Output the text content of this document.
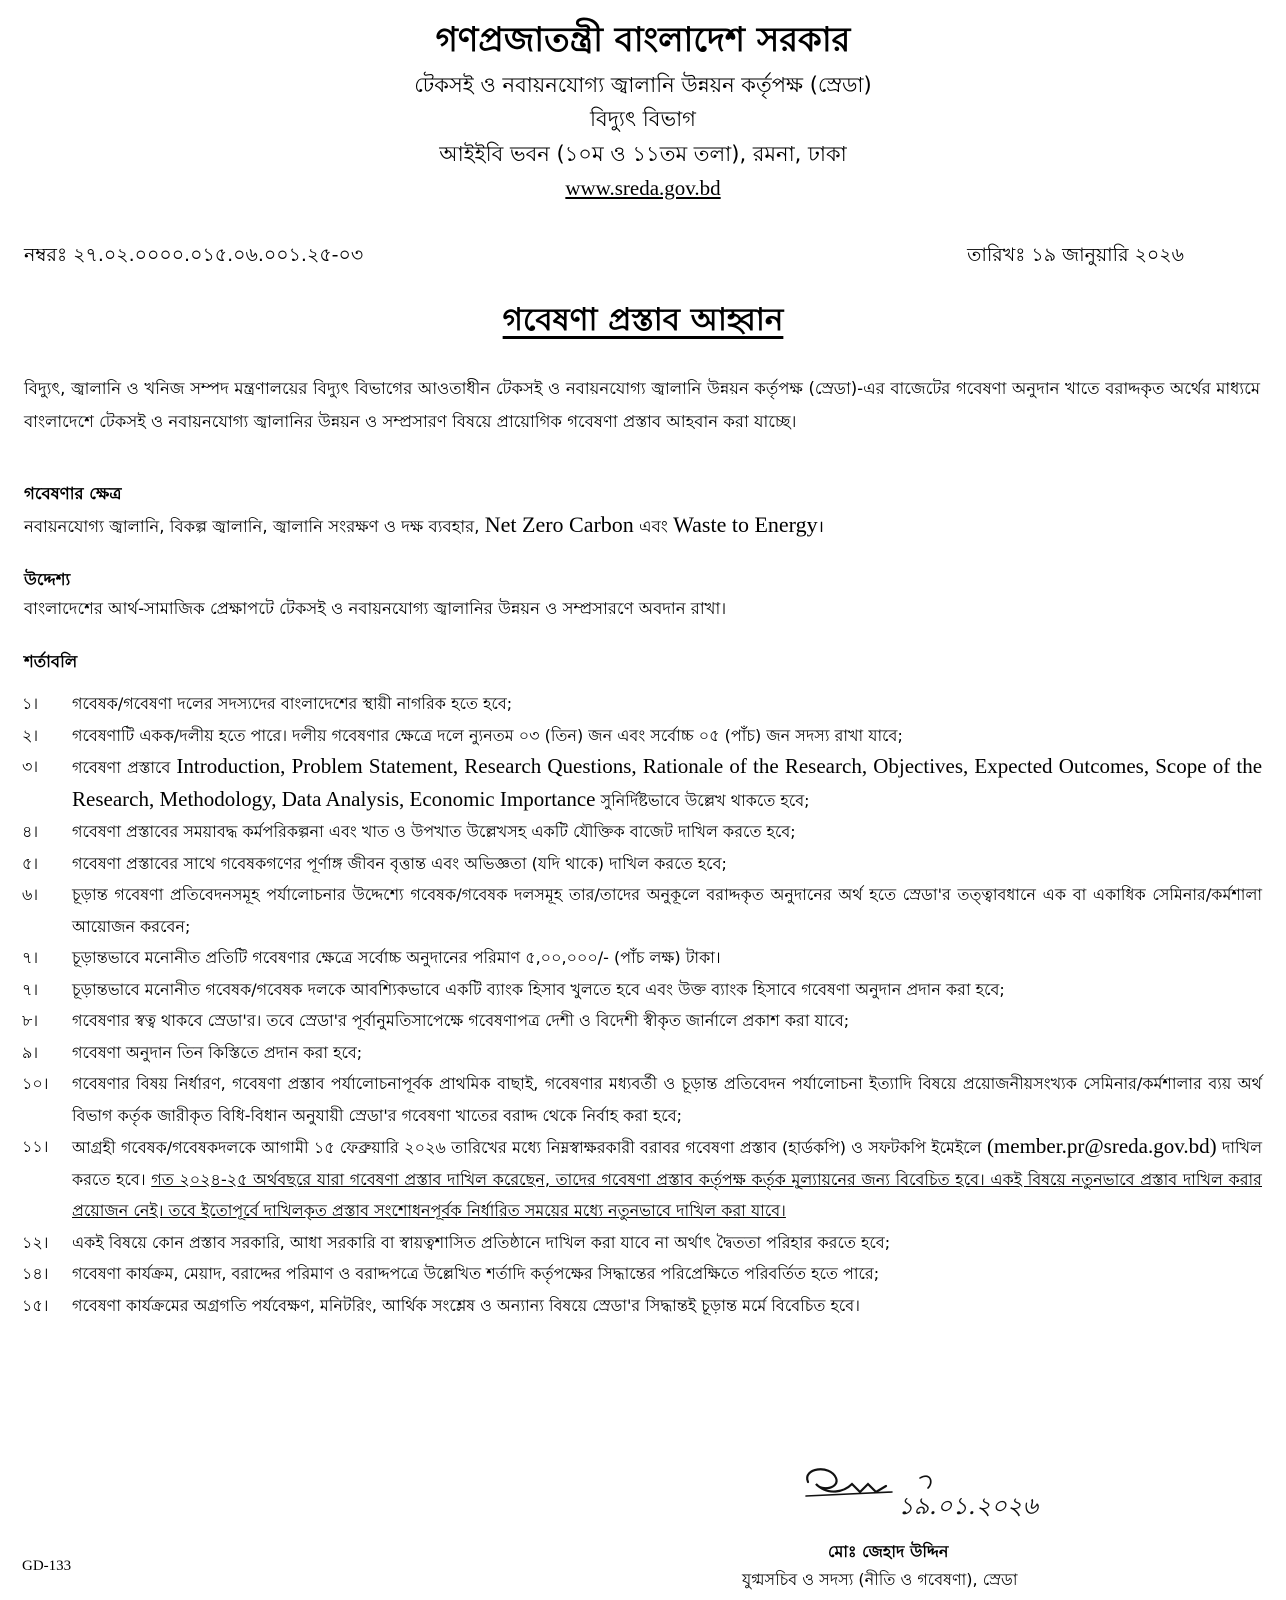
গণপ্রজাতন্ত্রী বাংলাদেশ সরকার
টেকসই ও নবায়নযোগ্য জ্বালানি উন্নয়ন কর্তৃপক্ষ (স্রেডা)
বিদ্যুৎ বিভাগ
আইইবি ভবন (১০ম ও ১১তম তলা), রমনা, ঢাকা
www.sreda.gov.bd
নম্বরঃ ২৭.০২.০০০০.০১৫.০৬.০০১.২৫-০৩	তারিখঃ ১৯ জানুয়ারি ২০২৬
গবেষণা প্রস্তাব আহ্বান
বিদ্যুৎ, জ্বালানি ও খনিজ সম্পদ মন্ত্রণালয়ের বিদ্যুৎ বিভাগের আওতাধীন টেকসই ও নবায়নযোগ্য জ্বালানি উন্নয়ন কর্তৃপক্ষ (স্রেডা)-এর বাজেটের গবেষণা অনুদান খাতে বরাদ্দকৃত অর্থের মাধ্যমে বাংলাদেশে টেকসই ও নবায়নযোগ্য জ্বালানির উন্নয়ন ও সম্প্রসারণ বিষয়ে প্রায়োগিক গবেষণা প্রস্তাব আহবান করা যাচ্ছে।
গবেষণার ক্ষেত্র
নবায়নযোগ্য জ্বালানি, বিকল্প জ্বালানি, জ্বালানি সংরক্ষণ ও দক্ষ ব্যবহার, Net Zero Carbon এবং Waste to Energy।
উদ্দেশ্য
বাংলাদেশের আর্থ-সামাজিক প্রেক্ষাপটে টেকসই ও নবায়নযোগ্য জ্বালানির উন্নয়ন ও সম্প্রসারণে অবদান রাখা।
শর্তাবলি
১।	গবেষক/গবেষণা দলের সদস্যদের বাংলাদেশের স্থায়ী নাগরিক হতে হবে;
২।	গবেষণাটি একক/দলীয় হতে পারে। দলীয় গবেষণার ক্ষেত্রে দলে ন্যুনতম ০৩ (তিন) জন এবং সর্বোচ্চ ০৫ (পাঁচ) জন সদস্য রাখা যাবে;
৩।	গবেষণা প্রস্তাবে Introduction, Problem Statement, Research Questions, Rationale of the Research, Objectives, Expected Outcomes, Scope of the Research, Methodology, Data Analysis, Economic Importance সুনির্দিষ্টভাবে উল্লেখ থাকতে হবে;
৪।	গবেষণা প্রস্তাবের সময়াবদ্ধ কর্মপরিকল্পনা এবং খাত ও উপখাত উল্লেখসহ একটি যৌক্তিক বাজেট দাখিল করতে হবে;
৫।	গবেষণা প্রস্তাবের সাথে গবেষকগণের পূর্ণাঙ্গ জীবন বৃত্তান্ত এবং অভিজ্ঞতা (যদি থাকে) দাখিল করতে হবে;
৬।	চূড়ান্ত গবেষণা প্রতিবেদনসমূহ পর্যালোচনার উদ্দেশ্যে গবেষক/গবেষক দলসমূহ তার/তাদের অনুকূলে বরাদ্দকৃত অনুদানের অর্থ হতে স্রেডা'র তত্ত্বাবধানে এক বা একাধিক সেমিনার/কর্মশালা আয়োজন করবেন;
৭।	চূড়ান্তভাবে মনোনীত প্রতিটি গবেষণার ক্ষেত্রে সর্বোচ্চ অনুদানের পরিমাণ ৫,০০,০০০/- (পাঁচ লক্ষ) টাকা।
৭।	চূড়ান্তভাবে মনোনীত গবেষক/গবেষক দলকে আবশ্যিকভাবে একটি ব্যাংক হিসাব খুলতে হবে এবং উক্ত ব্যাংক হিসাবে গবেষণা অনুদান প্রদান করা হবে;
৮।	গবেষণার স্বত্ব থাকবে স্রেডা'র। তবে স্রেডা'র পূর্বানুমতিসাপেক্ষে গবেষণাপত্র দেশী ও বিদেশী স্বীকৃত জার্নালে প্রকাশ করা যাবে;
৯।	গবেষণা অনুদান তিন কিস্তিতে প্রদান করা হবে;
১০।	গবেষণার বিষয় নির্ধারণ, গবেষণা প্রস্তাব পর্যালোচনাপূর্বক প্রাথমিক বাছাই, গবেষণার মধ্যবর্তী ও চূড়ান্ত প্রতিবেদন পর্যালোচনা ইত্যাদি বিষয়ে প্রয়োজনীয়সংখ্যক সেমিনার/কর্মশালার ব্যয় অর্থ বিভাগ কর্তৃক জারীকৃত বিধি-বিধান অনুযায়ী স্রেডা'র গবেষণা খাতের বরাদ্দ থেকে নির্বাহ করা হবে;
১১।	আগ্রহী গবেষক/গবেষকদলকে আগামী ১৫ ফেব্রুয়ারি ২০২৬ তারিখের মধ্যে নিম্নস্বাক্ষরকারী বরাবর গবেষণা প্রস্তাব (হার্ডকপি) ও সফটকপি ইমেইলে (member.pr@sreda.gov.bd) দাখিল করতে হবে। গত ২০২৪-২৫ অর্থবছরে যারা গবেষণা প্রস্তাব দাখিল করেছেন, তাদের গবেষণা প্রস্তাব কর্তৃপক্ষ কর্তৃক মূল্যায়নের জন্য বিবেচিত হবে। একই বিষয়ে নতুনভাবে প্রস্তাব দাখিল করার প্রয়োজন নেই। তবে ইতোপূর্বে দাখিলকৃত প্রস্তাব সংশোধনপূর্বক নির্ধারিত সময়ের মধ্যে নতুনভাবে দাখিল করা যাবে।
১২।	একই বিষয়ে কোন প্রস্তাব সরকারি, আধা সরকারি বা স্বায়ত্বশাসিত প্রতিষ্ঠানে দাখিল করা যাবে না অর্থাৎ দ্বৈততা পরিহার করতে হবে;
১৪।	গবেষণা কার্যক্রম, মেয়াদ, বরাদ্দের পরিমাণ ও বরাদ্দপত্রে উল্লেখিত শর্তাদি কর্তৃপক্ষের সিদ্ধান্তের পরিপ্রেক্ষিতে পরিবর্তিত হতে পারে;
১৫।	গবেষণা কার্যক্রমের অগ্রগতি পর্যবেক্ষণ, মনিটরিং, আর্থিক সংশ্লেষ ও অন্যান্য বিষয়ে স্রেডা'র সিদ্ধান্তই চূড়ান্ত মর্মে বিবেচিত হবে।
১৯.০১.২০২৬
মোঃ জেহাদ উদ্দিন
যুগ্মসচিব ও সদস্য (নীতি ও গবেষণা), স্রেডা
GD-133
